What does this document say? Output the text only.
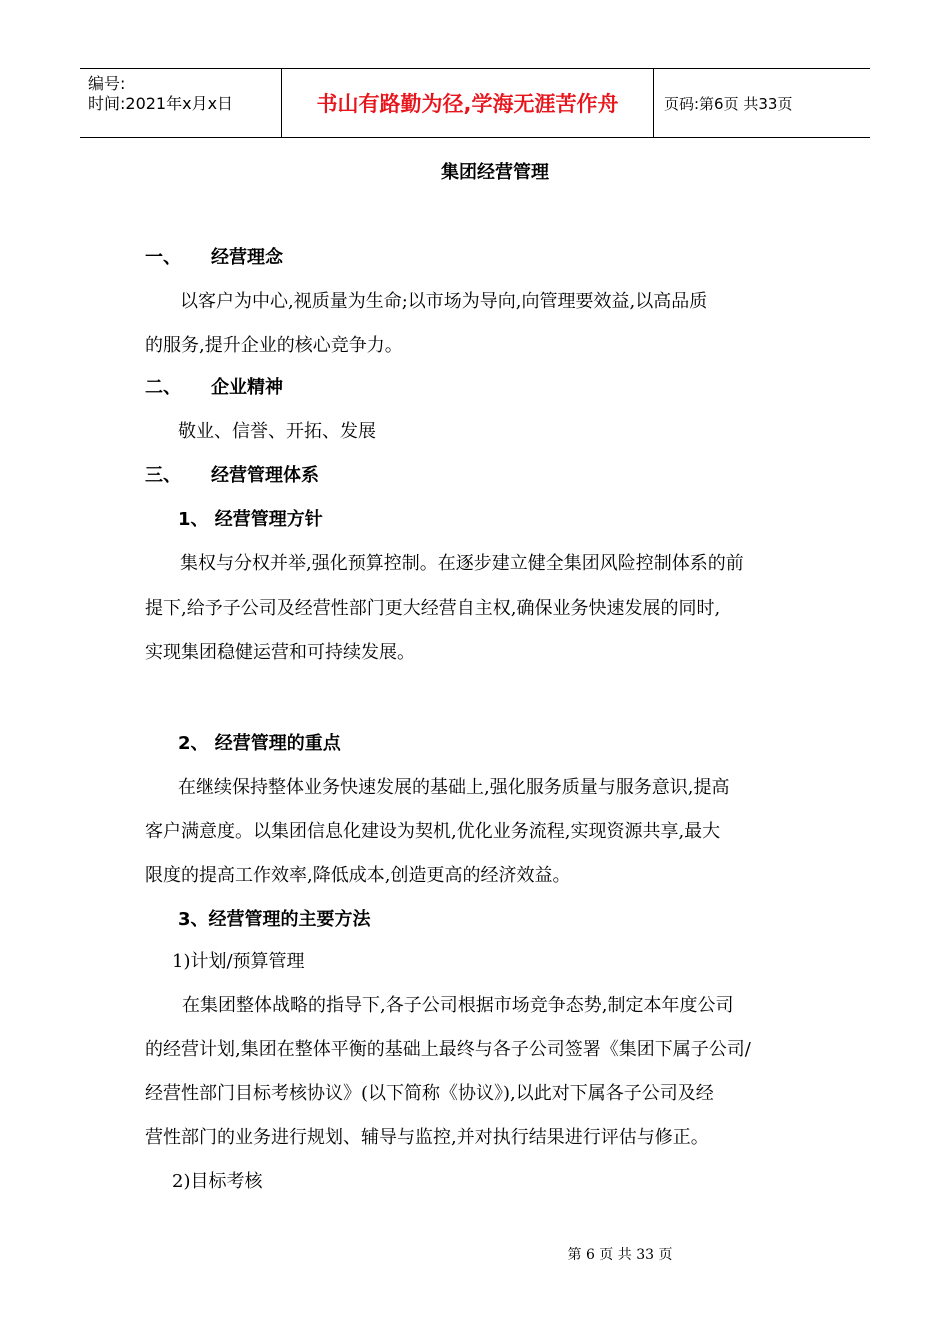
编号:
时间:2021年x月x日	书山有路勤为径,学海无涯苦作舟	页码:第6页 共33页
集团经营管理
一、 经营理念
以客户为中心,视质量为生命;以市场为导向,向管理要效益,以高品质
的服务,提升企业的核心竞争力。
二、 企业精神
敬业、信誉、开拓、发展
三、 经营管理体系
1、 经营管理方针
集权与分权并举,强化预算控制。在逐步建立健全集团风险控制体系的前
提下,给予子公司及经营性部门更大经营自主权,确保业务快速发展的同时,
实现集团稳健运营和可持续发展。
2、 经营管理的重点
在继续保持整体业务快速发展的基础上,强化服务质量与服务意识,提高
客户满意度。以集团信息化建设为契机,优化业务流程,实现资源共享,最大
限度的提高工作效率,降低成本,创造更高的经济效益。
3、经营管理的主要方法
1)计划/预算管理
在集团整体战略的指导下,各子公司根据市场竞争态势,制定本年度公司
的经营计划,集团在整体平衡的基础上最终与各子公司签署《集团下属子公司/
经营性部门目标考核协议》(以下简称《协议》),以此对下属各子公司及经
营性部门的业务进行规划、辅导与监控,并对执行结果进行评估与修正。
2)目标考核
第 6 页 共 33 页
